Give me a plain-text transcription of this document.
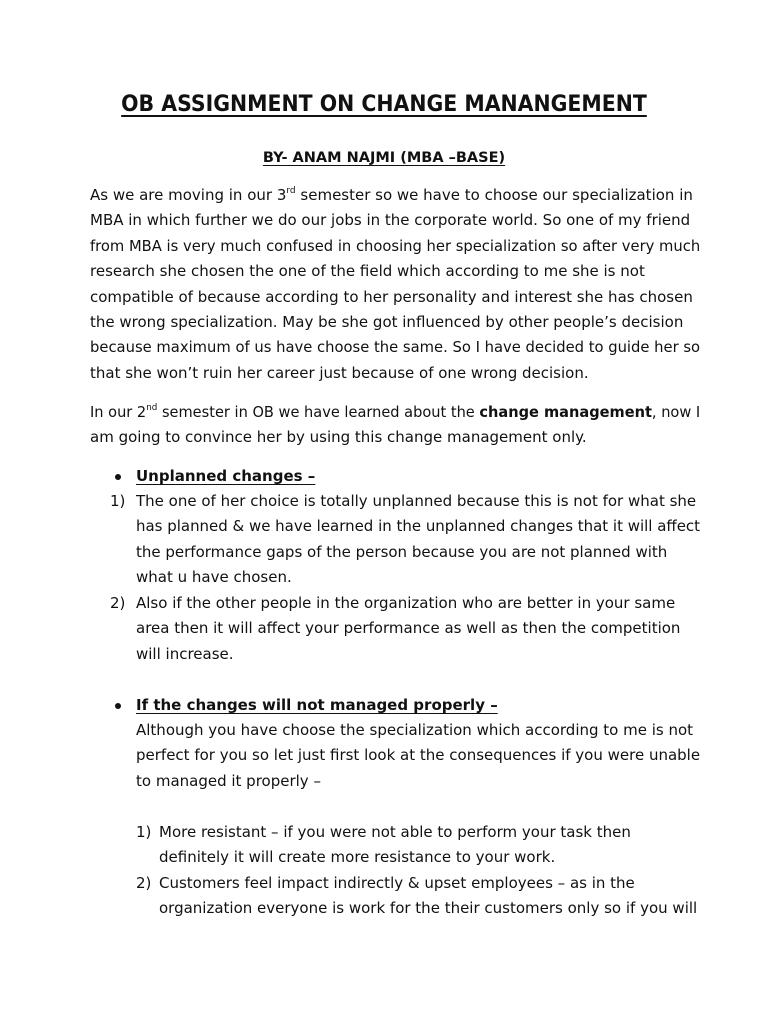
OB ASSIGNMENT ON CHANGE MANANGEMENT
BY- ANAM NAJMI (MBA –BASE)
As we are moving in our 3rd semester so we have to choose our specialization in
MBA in which further we do our jobs in the corporate world. So one of my friend
from MBA is very much confused in choosing her specialization so after very much
research she chosen the one of the field which according to me she is not
compatible of because according to her personality and interest she has chosen
the wrong specialization. May be she got influenced by other people’s decision
because maximum of us have choose the same. So I have decided to guide her so
that she won’t ruin her career just because of one wrong decision.
In our 2nd semester in OB we have learned about the change management, now I
am going to convince her by using this change management only.
Unplanned changes –
1) The one of her choice is totally unplanned because this is not for what she
has planned & we have learned in the unplanned changes that it will affect
the performance gaps of the person because you are not planned with
what u have chosen.
2) Also if the other people in the organization who are better in your same
area then it will affect your performance as well as then the competition
will increase.
If the changes will not managed properly –
Although you have choose the specialization which according to me is not
perfect for you so let just first look at the consequences if you were unable
to managed it properly –
1) More resistant – if you were not able to perform your task then
definitely it will create more resistance to your work.
2) Customers feel impact indirectly & upset employees – as in the
organization everyone is work for the their customers only so if you will
